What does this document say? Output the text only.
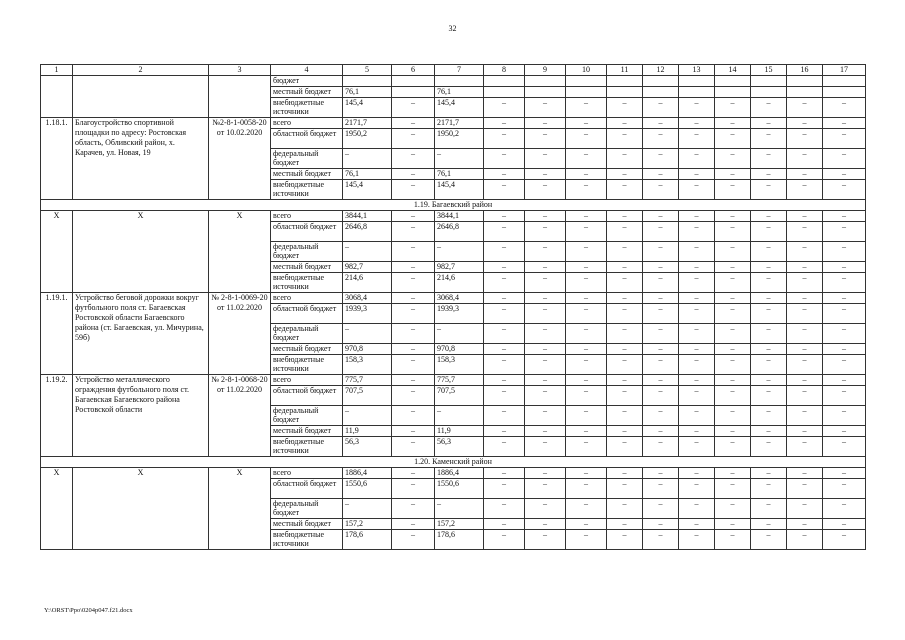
32
1	2	3	4	5	6	7	8	9	10	11	12	13	14	15	16	17
			бюджет													
			местный бюджет	76,1		76,1										
			внебюджетные источники	145,4	–	145,4	–	–	–	–	–	–	–	–	–	–
1.18.1.	Благоустройство спортивной площадки по адресу: Ростовская область, Обливский район, х. Карачев, ул. Новая, 19	№2-8-1-0058-20 от 10.02.2020	всего	2171,7	–	2171,7	–	–	–	–	–	–	–	–	–	–
			областной бюджет	1950,2	–	1950,2	–	–	–	–	–	–	–	–	–	–
			федеральный бюджет	–	–	–	–	–	–	–	–	–	–	–	–	–
			местный бюджет	76,1	–	76,1	–	–	–	–	–	–	–	–	–	–
			внебюджетные источники	145,4	–	145,4	–	–	–	–	–	–	–	–	–	–
1.19. Багаевский район																
Х	Х	Х	всего	3844,1	–	3844,1	–	–	–	–	–	–	–	–	–	–
			областной бюджет	2646,8	–	2646,8	–	–	–	–	–	–	–	–	–	–
			федеральный бюджет	–	–	–	–	–	–	–	–	–	–	–	–	–
			местный бюджет	982,7	–	982,7	–	–	–	–	–	–	–	–	–	–
			внебюджетные источники	214,6	–	214,6	–	–	–	–	–	–	–	–	–	–
1.19.1.	Устройство беговой дорожки вокруг футбольного поля ст. Багаевская Ростовской области Багаевского района (ст. Багаевская, ул. Мичурина, 59б)	№ 2-8-1-0069-20 от 11.02.2020	всего	3068,4	–	3068,4	–	–	–	–	–	–	–	–	–	–
			областной бюджет	1939,3	–	1939,3	–	–	–	–	–	–	–	–	–	–
			федеральный бюджет	–	–	–	–	–	–	–	–	–	–	–	–	–
			местный бюджет	970,8	–	970,8	–	–	–	–	–	–	–	–	–	–
			внебюджетные источники	158,3	–	158,3	–	–	–	–	–	–	–	–	–	–
1.19.2.	Устройство металлического ограждения футбольного поля ст. Багаевская Багаевского района Ростовской области	№ 2-8-1-0068-20 от 11.02.2020	всего	775,7	–	775,7	–	–	–	–	–	–	–	–	–	–
			областной бюджет	707,5	–	707,5	–	–	–	–	–	–	–	–	–	–
			федеральный бюджет	–	–	–	–	–	–	–	–	–	–	–	–	–
			местный бюджет	11,9	–	11,9	–	–	–	–	–	–	–	–	–	–
			внебюджетные источники	56,3	–	56,3	–	–	–	–	–	–	–	–	–	–
1.20. Каменский район																
Х	Х	Х	всего	1886,4	–	1886,4	–	–	–	–	–	–	–	–	–	–
			областной бюджет	1550,6	–	1550,6	–	–	–	–	–	–	–	–	–	–
			федеральный бюджет	–	–	–	–	–	–	–	–	–	–	–	–	–
			местный бюджет	157,2	–	157,2	–	–	–	–	–	–	–	–	–	–
			внебюджетные источники	178,6	–	178,6	–	–	–	–	–	–	–	–	–	–
Y:\ORST\Ppo\0204p047.f21.docx
